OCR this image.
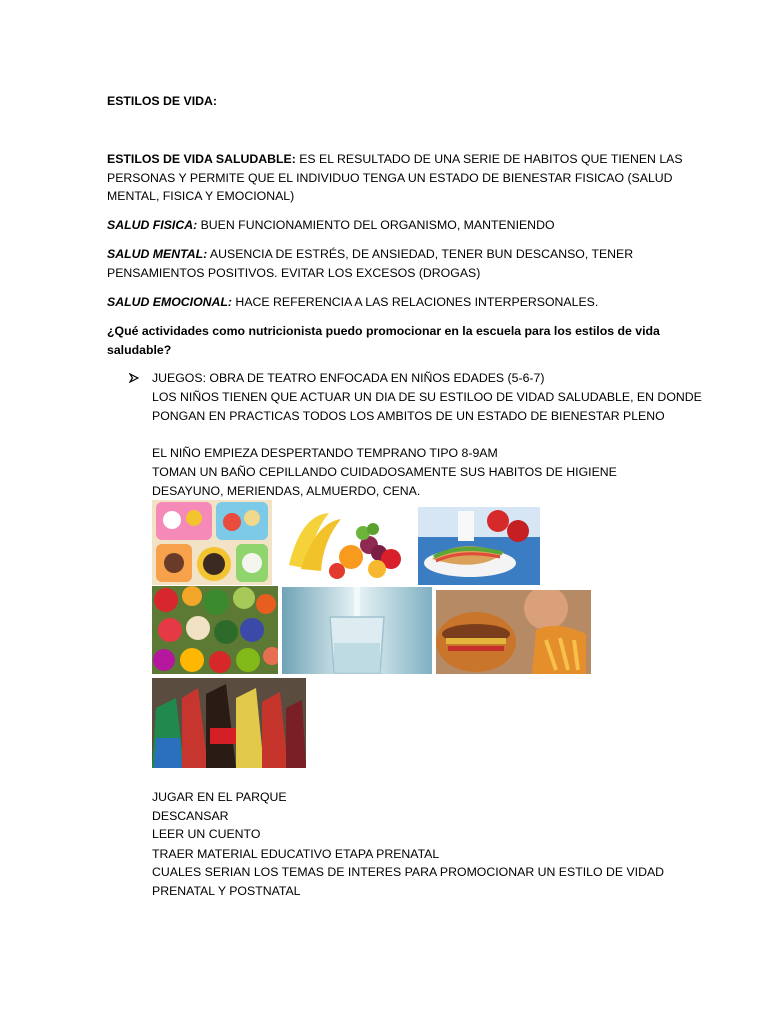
ESTILOS DE VIDA:
ESTILOS DE VIDA SALUDABLE: ES EL RESULTADO DE UNA SERIE DE HABITOS QUE TIENEN LAS
PERSONAS Y PERMITE QUE EL INDIVIDUO TENGA UN ESTADO DE BIENESTAR FISICAO (SALUD
MENTAL, FISICA Y EMOCIONAL)
SALUD FISICA: BUEN FUNCIONAMIENTO DEL ORGANISMO, MANTENIENDO
SALUD MENTAL: AUSENCIA DE ESTRÉS, DE ANSIEDAD, TENER BUN DESCANSO, TENER
PENSAMIENTOS POSITIVOS. EVITAR LOS EXCESOS (DROGAS)
SALUD EMOCIONAL: HACE REFERENCIA A LAS RELACIONES INTERPERSONALES.
¿Qué actividades como nutricionista puedo promocionar en la escuela para los estilos de vida
saludable?
JUEGOS: OBRA DE TEATRO ENFOCADA EN NIÑOS EDADES (5-6-7)
LOS NIÑOS TIENEN QUE ACTUAR UN DIA DE SU ESTILOO DE VIDAD SALUDABLE, EN DONDE
PONGAN EN PRACTICAS TODOS LOS AMBITOS DE UN ESTADO DE BIENESTAR PLENO
EL NIÑO EMPIEZA DESPERTANDO TEMPRANO TIPO 8-9AM
TOMAN UN BAÑO CEPILLANDO CUIDADOSAMENTE SUS HABITOS DE HIGIENE
DESAYUNO, MERIENDAS, ALMUERDO, CENA.
JUGAR EN EL PARQUE
DESCANSAR
LEER UN CUENTO
TRAER MATERIAL EDUCATIVO ETAPA PRENATAL
CUALES SERIAN LOS TEMAS DE INTERES PARA PROMOCIONAR UN ESTILO DE VIDAD
PRENATAL Y POSTNATAL
